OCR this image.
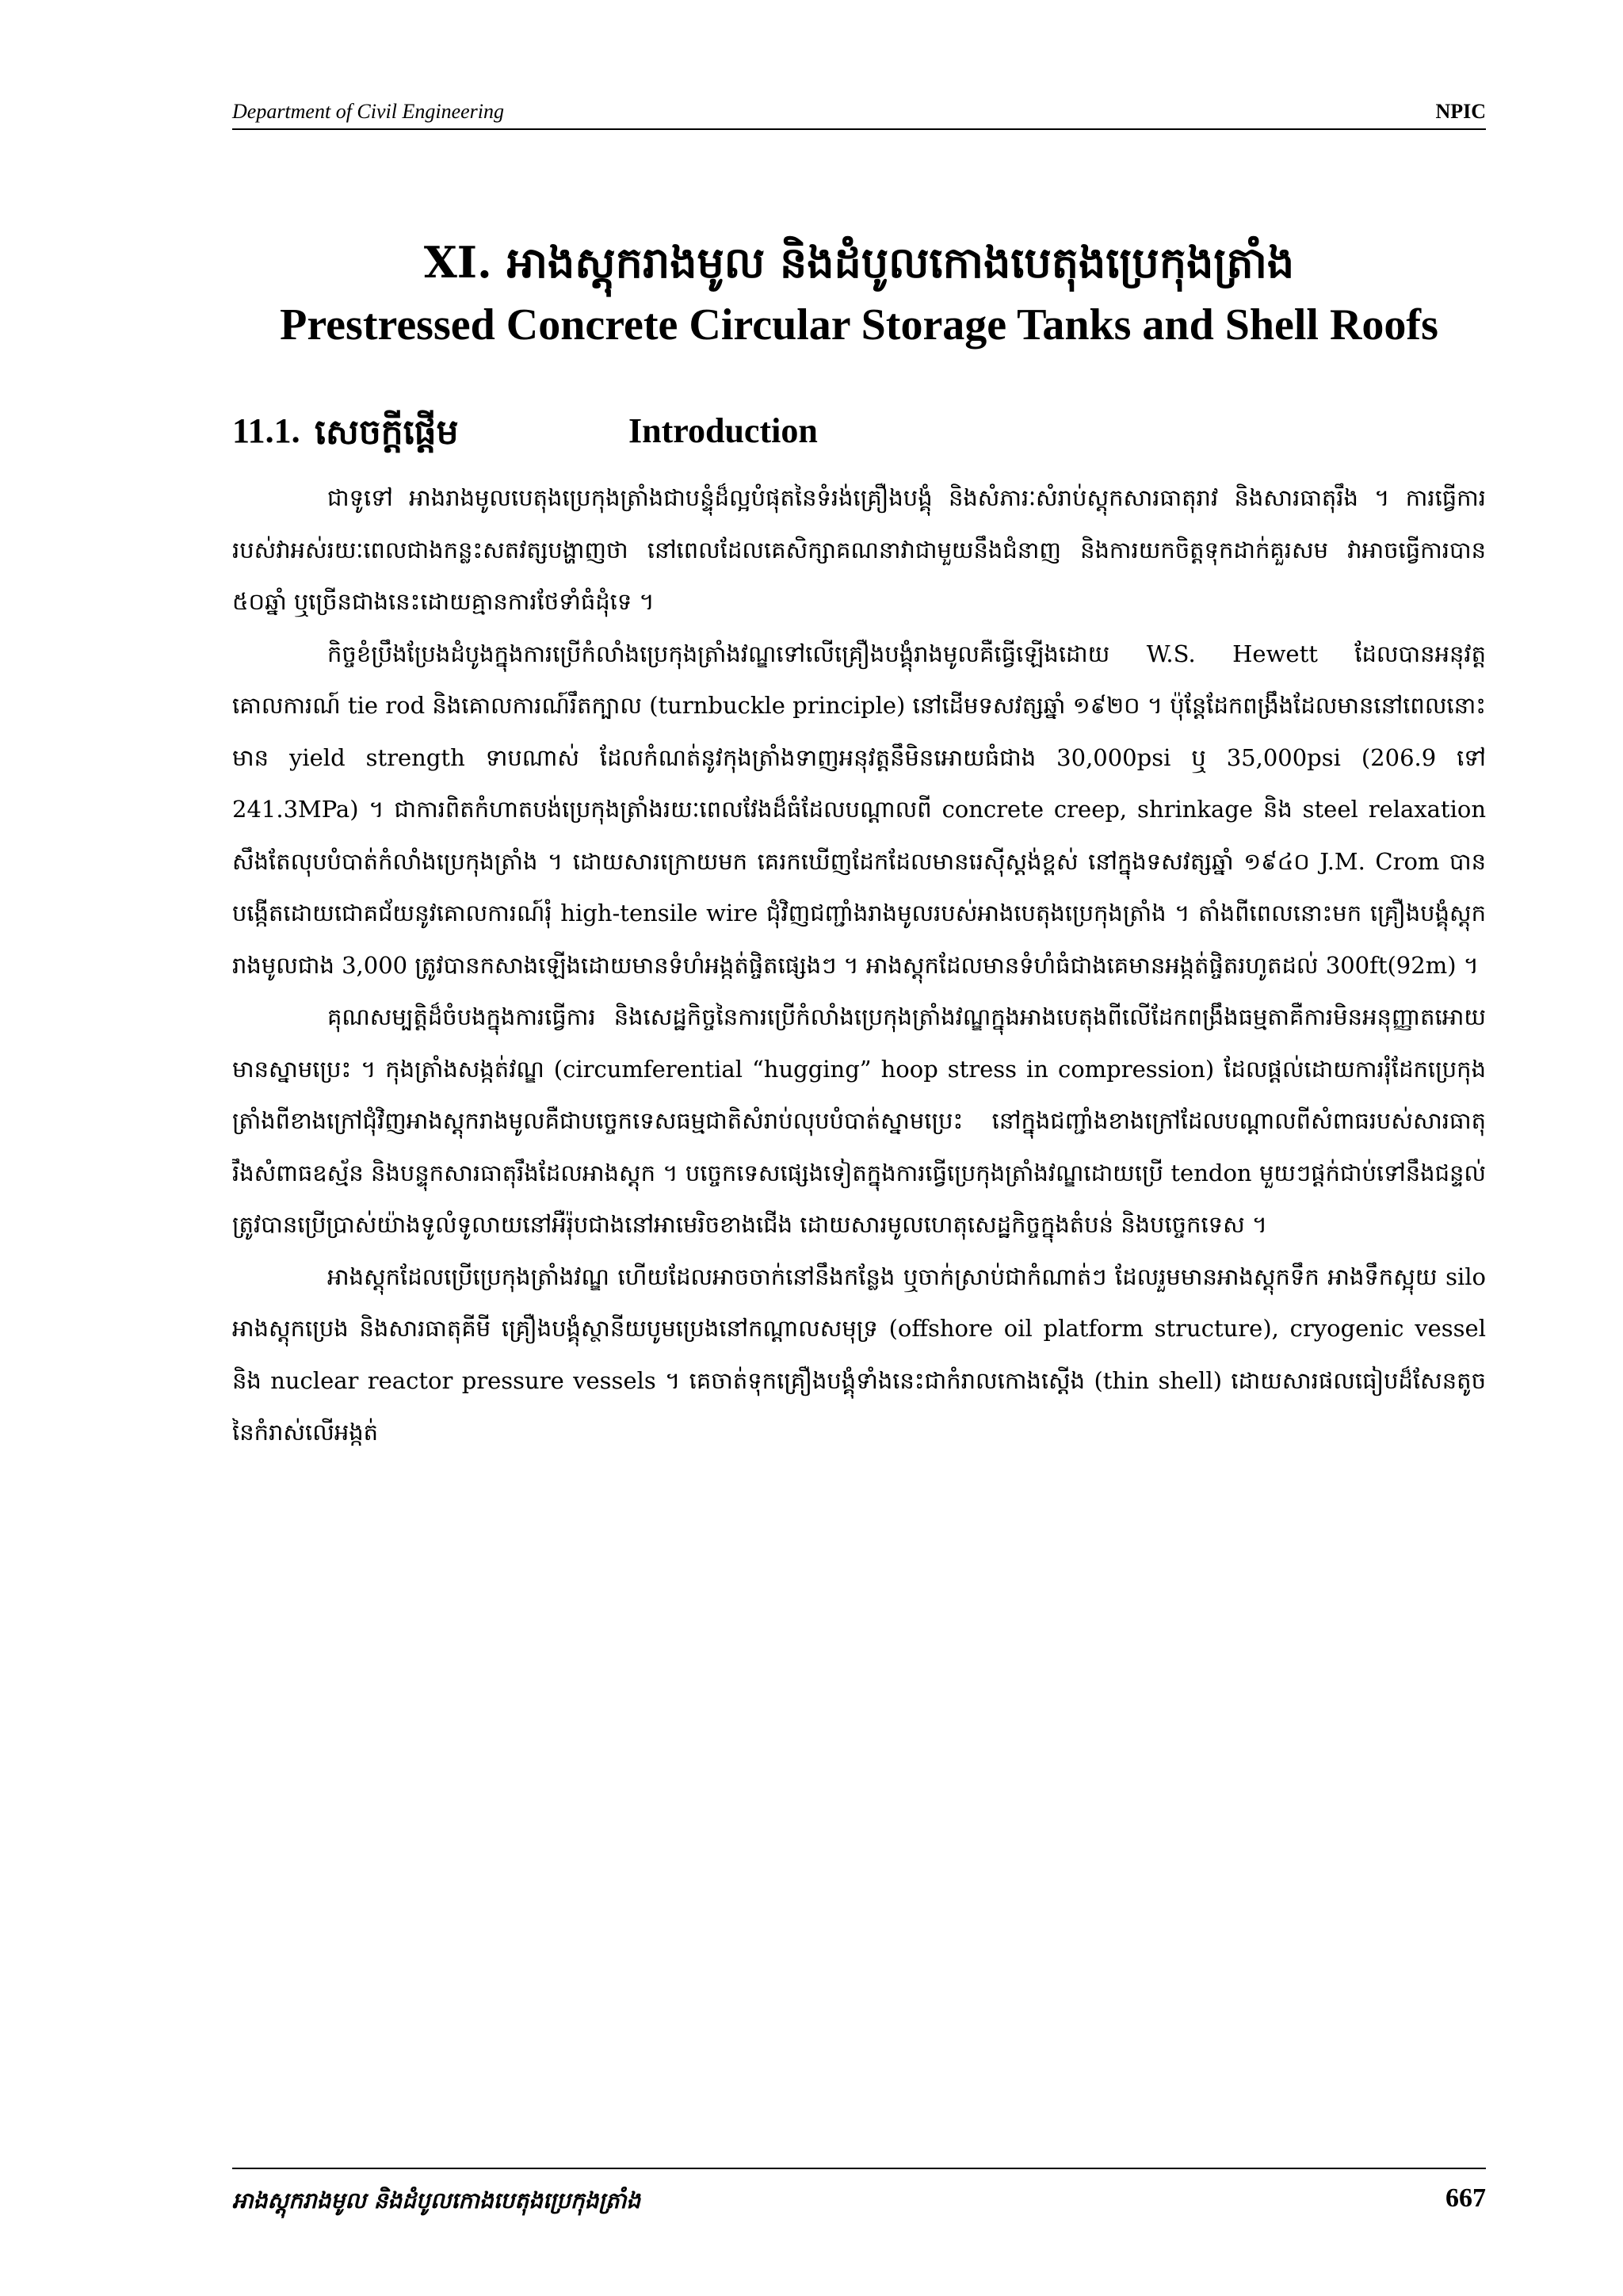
Department of Civil Engineering	NPIC
XI. អាងស្តុករាងមូល និងដំបូលកោងបេតុងប្រេកុងត្រាំង
Prestressed Concrete Circular Storage Tanks and Shell Roofs
11.1. សេចក្តីផ្តើម	Introduction

ជាទូទៅ អាងរាងមូលបេតុងប្រេកុងត្រាំងជាបន្ទុំដ៏ល្អបំផុតនៃទំរង់គ្រឿងបង្គុំ និងសំភារៈសំរាប់ស្តុកសារធាតុរាវ និងសារធាតុរឹង ។ ការធ្វើការរបស់វាអស់រយៈពេលជាងកន្លះសតវត្សបង្ហាញថា នៅពេលដែលគេសិក្សាគណនាវាជាមួយនឹងជំនាញ និងការយកចិត្តទុកដាក់គួរសម វាអាចធ្វើការបាន ៥០ឆ្នាំ ឬច្រើនជាងនេះដោយគ្មានការថែទាំធំដុំទេ ។

កិច្ចខំប្រឹងប្រែងដំបូងក្នុងការប្រើកំលាំងប្រេកុងត្រាំងវណ្ឌទៅលើគ្រឿងបង្គុំរាងមូលគឺធ្វើឡើងដោយ W.S. Hewett ដែលបានអនុវត្តគោលការណ៍ tie rod និងគោលការណ៍រឹតក្បាល (turnbuckle principle) នៅដើមទសវត្សឆ្នាំ ១៩២០ ។ ប៉ុន្តែដែកពង្រឹងដែលមាននៅពេលនោះមាន yield strength ទាបណាស់ ដែលកំណត់នូវកុងត្រាំងទាញអនុវត្តនឹមិនអោយធំជាង 30,000psi ឬ 35,000psi (206.9 ទៅ 241.3MPa) ។ ជាការពិតកំហាតបង់ប្រេកុងត្រាំងរយៈពេលវែងដ៏ធំដែលបណ្តាលពី concrete creep, shrinkage និង steel relaxation សឹងតែលុបបំបាត់កំលាំងប្រេកុងត្រាំង ។ ដោយសារក្រោយមក គេរកឃើញដែកដែលមានរេស៊ីស្តង់ខ្ពស់ នៅក្នុងទសវត្សឆ្នាំ ១៩៤០ J.M. Crom បានបង្កើតដោយជោគជ័យនូវគោលការណ៍រុំ high-tensile wire ជុំវិញជញ្ជាំងរាងមូលរបស់អាងបេតុងប្រេកុងត្រាំង ។ តាំងពីពេលនោះមក គ្រឿងបង្គុំស្តុករាងមូលជាង 3,000 ត្រូវបានកសាងឡើងដោយមានទំហំអង្កត់ផ្ចិតផ្សេងៗ ។ អាងស្តុកដែលមានទំហំធំជាងគេមានអង្កត់ផ្ចិតរហូតដល់ 300ft(92m) ។

គុណសម្បត្តិដ៏ចំបងក្នុងការធ្វើការ និងសេដ្ឋកិច្ចនៃការប្រើកំលាំងប្រេកុងត្រាំងវណ្ឌក្នុងអាងបេតុងពីលើដែកពង្រឹងធម្មតាគឺការមិនអនុញ្ញាតអោយមានស្នាមប្រេះ ។ កុងត្រាំងសង្កត់វណ្ឌ (circumferential “hugging” hoop stress in compression) ដែលផ្តល់ដោយការរុំដែកប្រេកុងត្រាំងពីខាងក្រៅជុំវិញអាងស្តុករាងមូលគឺជាបច្ចេកទេសធម្មជាតិសំរាប់លុបបំបាត់ស្នាមប្រេះ នៅក្នុងជញ្ជាំងខាងក្រៅដែលបណ្តាលពីសំពាធរបស់សារធាតុរឹងសំពាធឧស្ម័ន និងបន្ទុកសារធាតុរឹងដែលអាងស្តុក ។ បច្ចេកទេសផ្សេងទៀតក្នុងការធ្វើប្រេកុងត្រាំងវណ្ឌដោយប្រើ tendon មួយៗផ្តក់ជាប់ទៅនឹងជន្ទល់ត្រូវបានប្រើប្រាស់យ៉ាងទូលំទូលាយនៅអឺរ៉ុបជាងនៅអាមេរិចខាងជើង ដោយសារមូលហេតុសេដ្ឋកិច្ចក្នុងតំបន់ និងបច្ចេកទេស ។

អាងស្តុកដែលប្រើប្រេកុងត្រាំងវណ្ឌ ហើយដែលអាចចាក់នៅនឹងកន្លែង ឬចាក់ស្រាប់ជាកំណាត់ៗ ដែលរួមមានអាងស្តុកទឹក អាងទឹកស្អុយ silo អាងស្តុកប្រេង និងសារធាតុគីមី គ្រឿងបង្គុំស្ថានីយបូមប្រេងនៅកណ្តាលសមុទ្រ (offshore oil platform structure), cryogenic vessel និង nuclear reactor pressure vessels ។ គេចាត់ទុកគ្រឿងបង្គុំទាំងនេះជាកំរាលកោងស្តើង (thin shell) ដោយសារផលធៀបដ៏សែនតូចនៃកំរាស់លើអង្កត់

អាងស្តុករាងមូល និងដំបូលកោងបេតុងប្រេកុងត្រាំង	667
